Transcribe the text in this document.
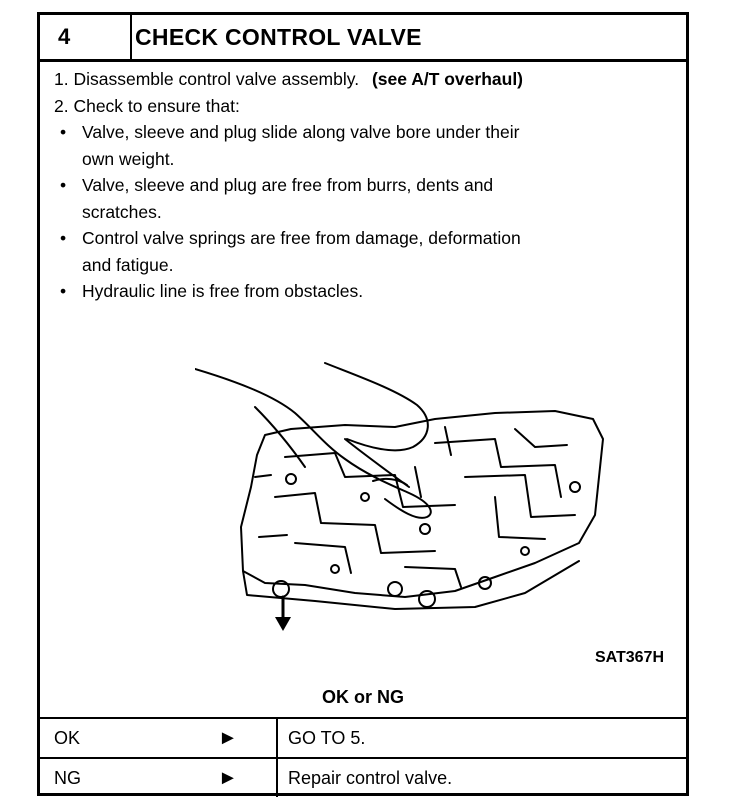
4	CHECK CONTROL VALVE
1. Disassemble control valve assembly. (see A/T overhaul)
2. Check to ensure that:
• Valve, sleeve and plug slide along valve bore under their
own weight.
• Valve, sleeve and plug are free from burrs, dents and
scratches.
• Control valve springs are free from damage, deformation
and fatigue.
• Hydraulic line is free from obstacles.
SAT367H
OK or NG
OK	►	GO TO 5.
NG	►	Repair control valve.
